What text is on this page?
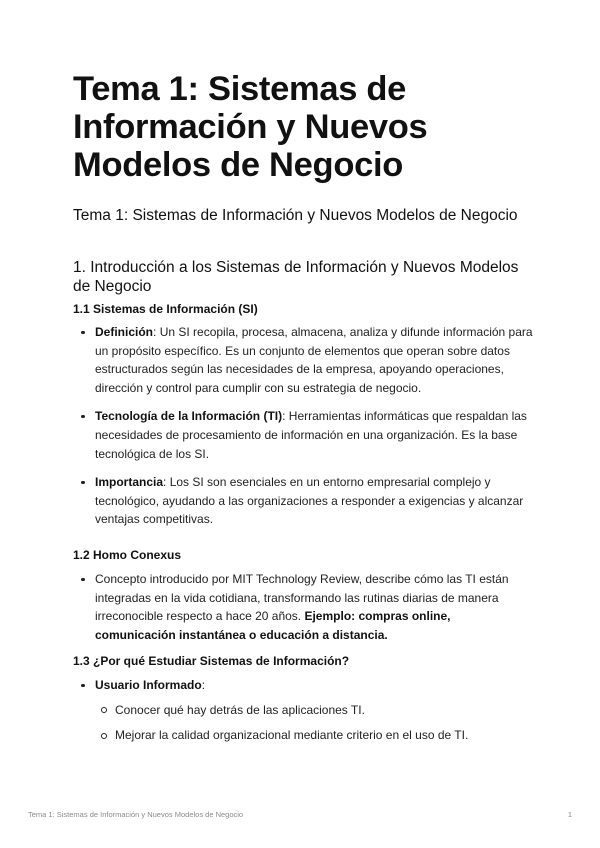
Tema 1: Sistemas de Información y Nuevos Modelos de Negocio
Tema 1: Sistemas de Información y Nuevos Modelos de Negocio
1. Introducción a los Sistemas de Información y Nuevos Modelos de Negocio
1.1 Sistemas de Información (SI)
Definición: Un SI recopila, procesa, almacena, analiza y difunde información para un propósito específico. Es un conjunto de elementos que operan sobre datos estructurados según las necesidades de la empresa, apoyando operaciones, dirección y control para cumplir con su estrategia de negocio.
Tecnología de la Información (TI): Herramientas informáticas que respaldan las necesidades de procesamiento de información en una organización. Es la base tecnológica de los SI.
Importancia: Los SI son esenciales en un entorno empresarial complejo y tecnológico, ayudando a las organizaciones a responder a exigencias y alcanzar ventajas competitivas.
1.2 Homo Conexus
Concepto introducido por MIT Technology Review, describe cómo las TI están integradas en la vida cotidiana, transformando las rutinas diarias de manera irreconocible respecto a hace 20 años. Ejemplo: compras online, comunicación instantánea o educación a distancia.
1.3 ¿Por qué Estudiar Sistemas de Información?
Usuario Informado:
Conocer qué hay detrás de las aplicaciones TI.
Mejorar la calidad organizacional mediante criterio en el uso de TI.
Tema 1: Sistemas de Información y Nuevos Modelos de Negocio	1
